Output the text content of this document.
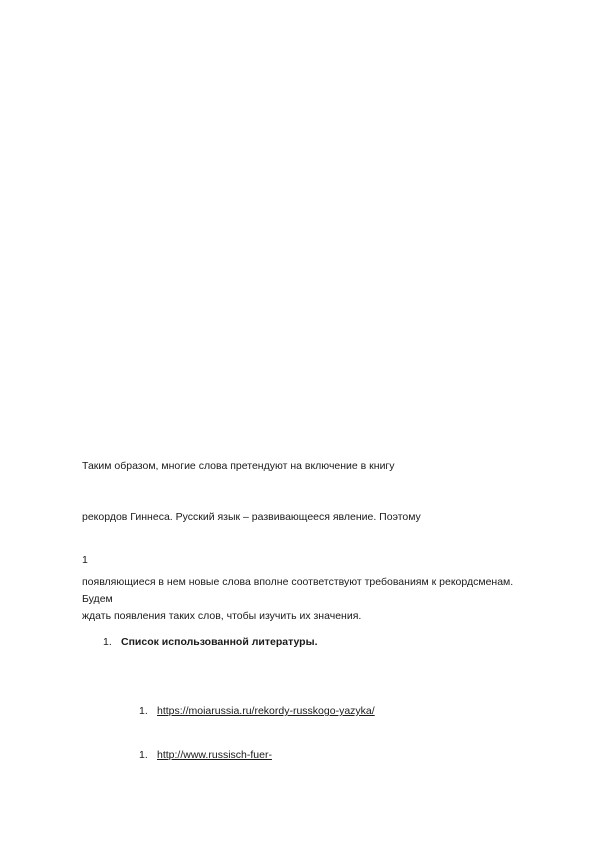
Таким образом, многие слова претендуют на включение в книгу
рекордов Гиннеса. Русский язык – развивающееся явление. Поэтому
1
появляющиеся в нем новые слова вполне соответствуют требованиям к рекордсменам. Будем
ждать появления таких слов, чтобы изучить их значения.
1. Список использованной литературы.
1. https://moiarussia.ru/rekordy-russkogo-yazyka/
1. http://www.russisch-fuer-
